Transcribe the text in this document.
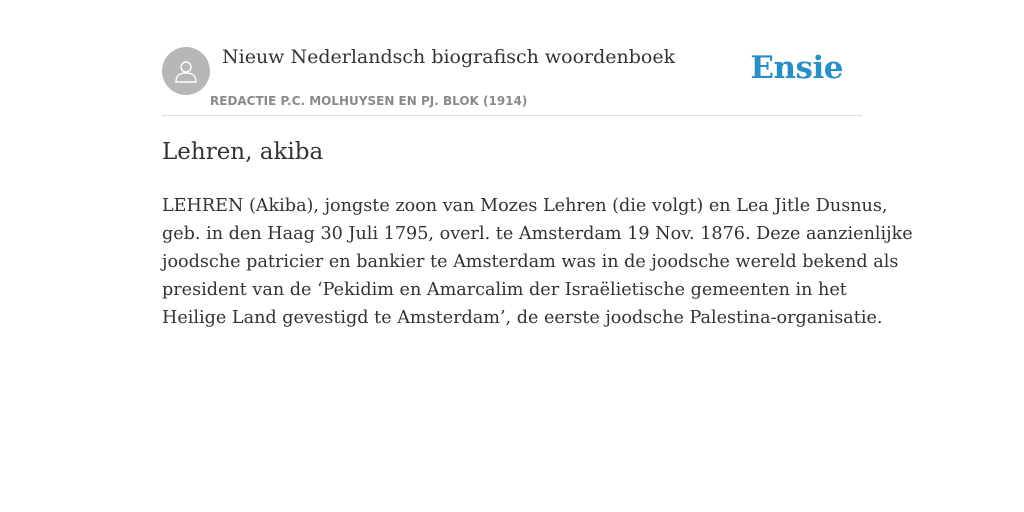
Nieuw Nederlandsch biografisch woordenboek
REDACTIE P.C. MOLHUYSEN EN PJ. BLOK (1914)
Ensie
Lehren, akiba

LEHREN (Akiba), jongste zoon van Mozes Lehren (die volgt) en Lea Jitle Dusnus,
geb. in den Haag 30 Juli 1795, overl. te Amsterdam 19 Nov. 1876. Deze aanzienlijke
joodsche patricier en bankier te Amsterdam was in de joodsche wereld bekend als
president van de ‘Pekidim en Amarcalim der Israëlietische gemeenten in het
Heilige Land gevestigd te Amsterdam’, de eerste joodsche Palestina-organisatie.
